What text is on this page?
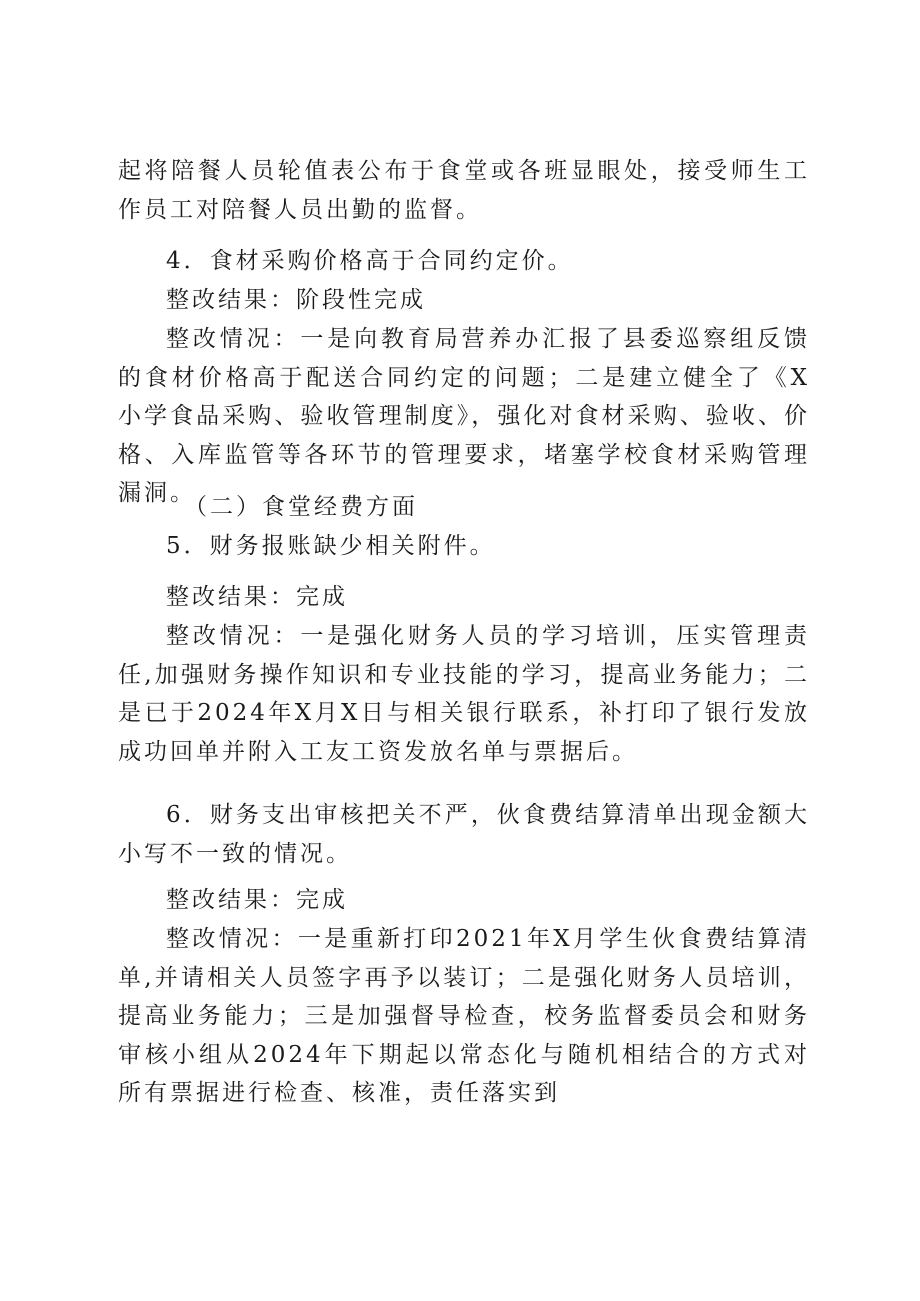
起将陪餐人员轮值表公布于食堂或各班显眼处，接受师生工作员工对陪餐人员出勤的监督。

4．食材采购价格高于合同约定价。

整改结果：阶段性完成

整改情况：一是向教育局营养办汇报了县委巡察组反馈的食材价格高于配送合同约定的问题；二是建立健全了《X小学食品采购、验收管理制度》，强化对食材采购、验收、价格、入库监管等各环节的管理要求，堵塞学校食材采购管理漏洞。

（二）食堂经费方面

5．财务报账缺少相关附件。

整改结果：完成

整改情况：一是强化财务人员的学习培训，压实管理责任,加强财务操作知识和专业技能的学习，提高业务能力；二是已于2024年X月X日与相关银行联系，补打印了银行发放成功回单并附入工友工资发放名单与票据后。

6．财务支出审核把关不严，伙食费结算清单出现金额大小写不一致的情况。

整改结果：完成

整改情况：一是重新打印2021年X月学生伙食费结算清单,并请相关人员签字再予以装订；二是强化财务人员培训，提高业务能力；三是加强督导检查，校务监督委员会和财务审核小组从2024年下期起以常态化与随机相结合的方式对所有票据进行检查、核准，责任落实到
